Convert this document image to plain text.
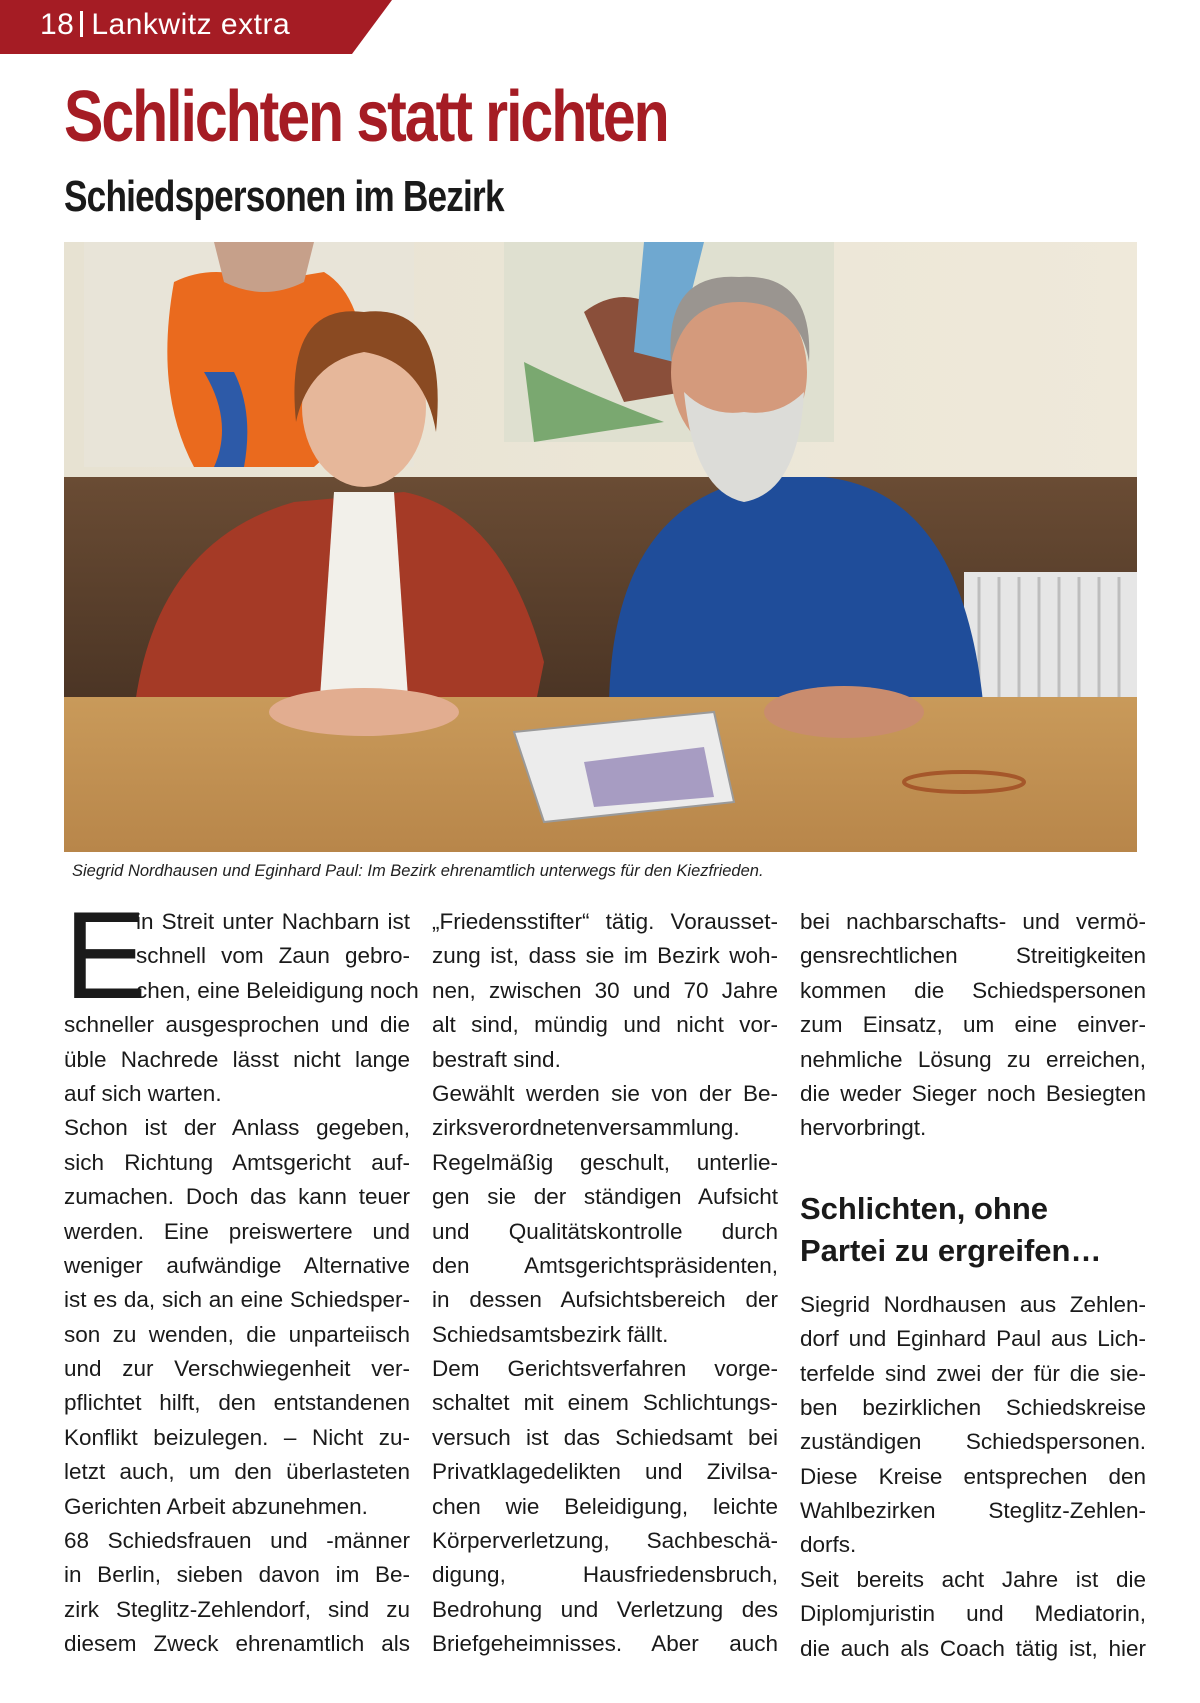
18 Lankwitz extra
Schlichten statt richten
Schiedspersonen im Bezirk
Siegrid Nordhausen und Eginhard Paul: Im Bezirk ehrenamtlich unterwegs für den Kiezfrieden.
E
in Streit unter Nachbarn ist
schnell vom Zaun gebro-
chen, eine Beleidigung noch
schneller ausgesprochen und die
üble Nachrede lässt nicht lange
auf sich warten.
Schon ist der Anlass gegeben,
sich Richtung Amtsgericht auf-
zumachen. Doch das kann teuer
werden. Eine preiswertere und
weniger aufwändige Alternative
ist es da, sich an eine Schiedsper-
son zu wenden, die unparteiisch
und zur Verschwiegenheit ver-
pflichtet hilft, den entstandenen
Konflikt beizulegen. – Nicht zu-
letzt auch, um den überlasteten
Gerichten Arbeit abzunehmen.
68 Schiedsfrauen und -männer
in Berlin, sieben davon im Be-
zirk Steglitz-Zehlendorf, sind zu
diesem Zweck ehrenamtlich als
„Friedensstifter“ tätig. Vorausset-
zung ist, dass sie im Bezirk woh-
nen, zwischen 30 und 70 Jahre
alt sind, mündig und nicht vor-
bestraft sind.
Gewählt werden sie von der Be-
zirksverordnetenversammlung.
Regelmäßig geschult, unterlie-
gen sie der ständigen Aufsicht
und Qualitätskontrolle durch
den Amtsgerichtspräsidenten,
in dessen Aufsichtsbereich der
Schiedsamtsbezirk fällt.
Dem Gerichtsverfahren vorge-
schaltet mit einem Schlichtungs-
versuch ist das Schiedsamt bei
Privatklagedelikten und Zivilsa-
chen wie Beleidigung, leichte
Körperverletzung, Sachbeschä-
digung, Hausfriedensbruch,
Bedrohung und Verletzung des
Briefgeheimnisses. Aber auch
bei nachbarschafts- und vermö-
gensrechtlichen Streitigkeiten
kommen die Schiedspersonen
zum Einsatz, um eine einver-
nehmliche Lösung zu erreichen,
die weder Sieger noch Besiegten
hervorbringt.
Schlichten, ohne
Partei zu ergreifen…
Siegrid Nordhausen aus Zehlen-
dorf und Eginhard Paul aus Lich-
terfelde sind zwei der für die sie-
ben bezirklichen Schiedskreise
zuständigen Schiedspersonen.
Diese Kreise entsprechen den
Wahlbezirken Steglitz-Zehlen-
dorfs.
Seit bereits acht Jahre ist die
Diplomjuristin und Mediatorin,
die auch als Coach tätig ist, hier
